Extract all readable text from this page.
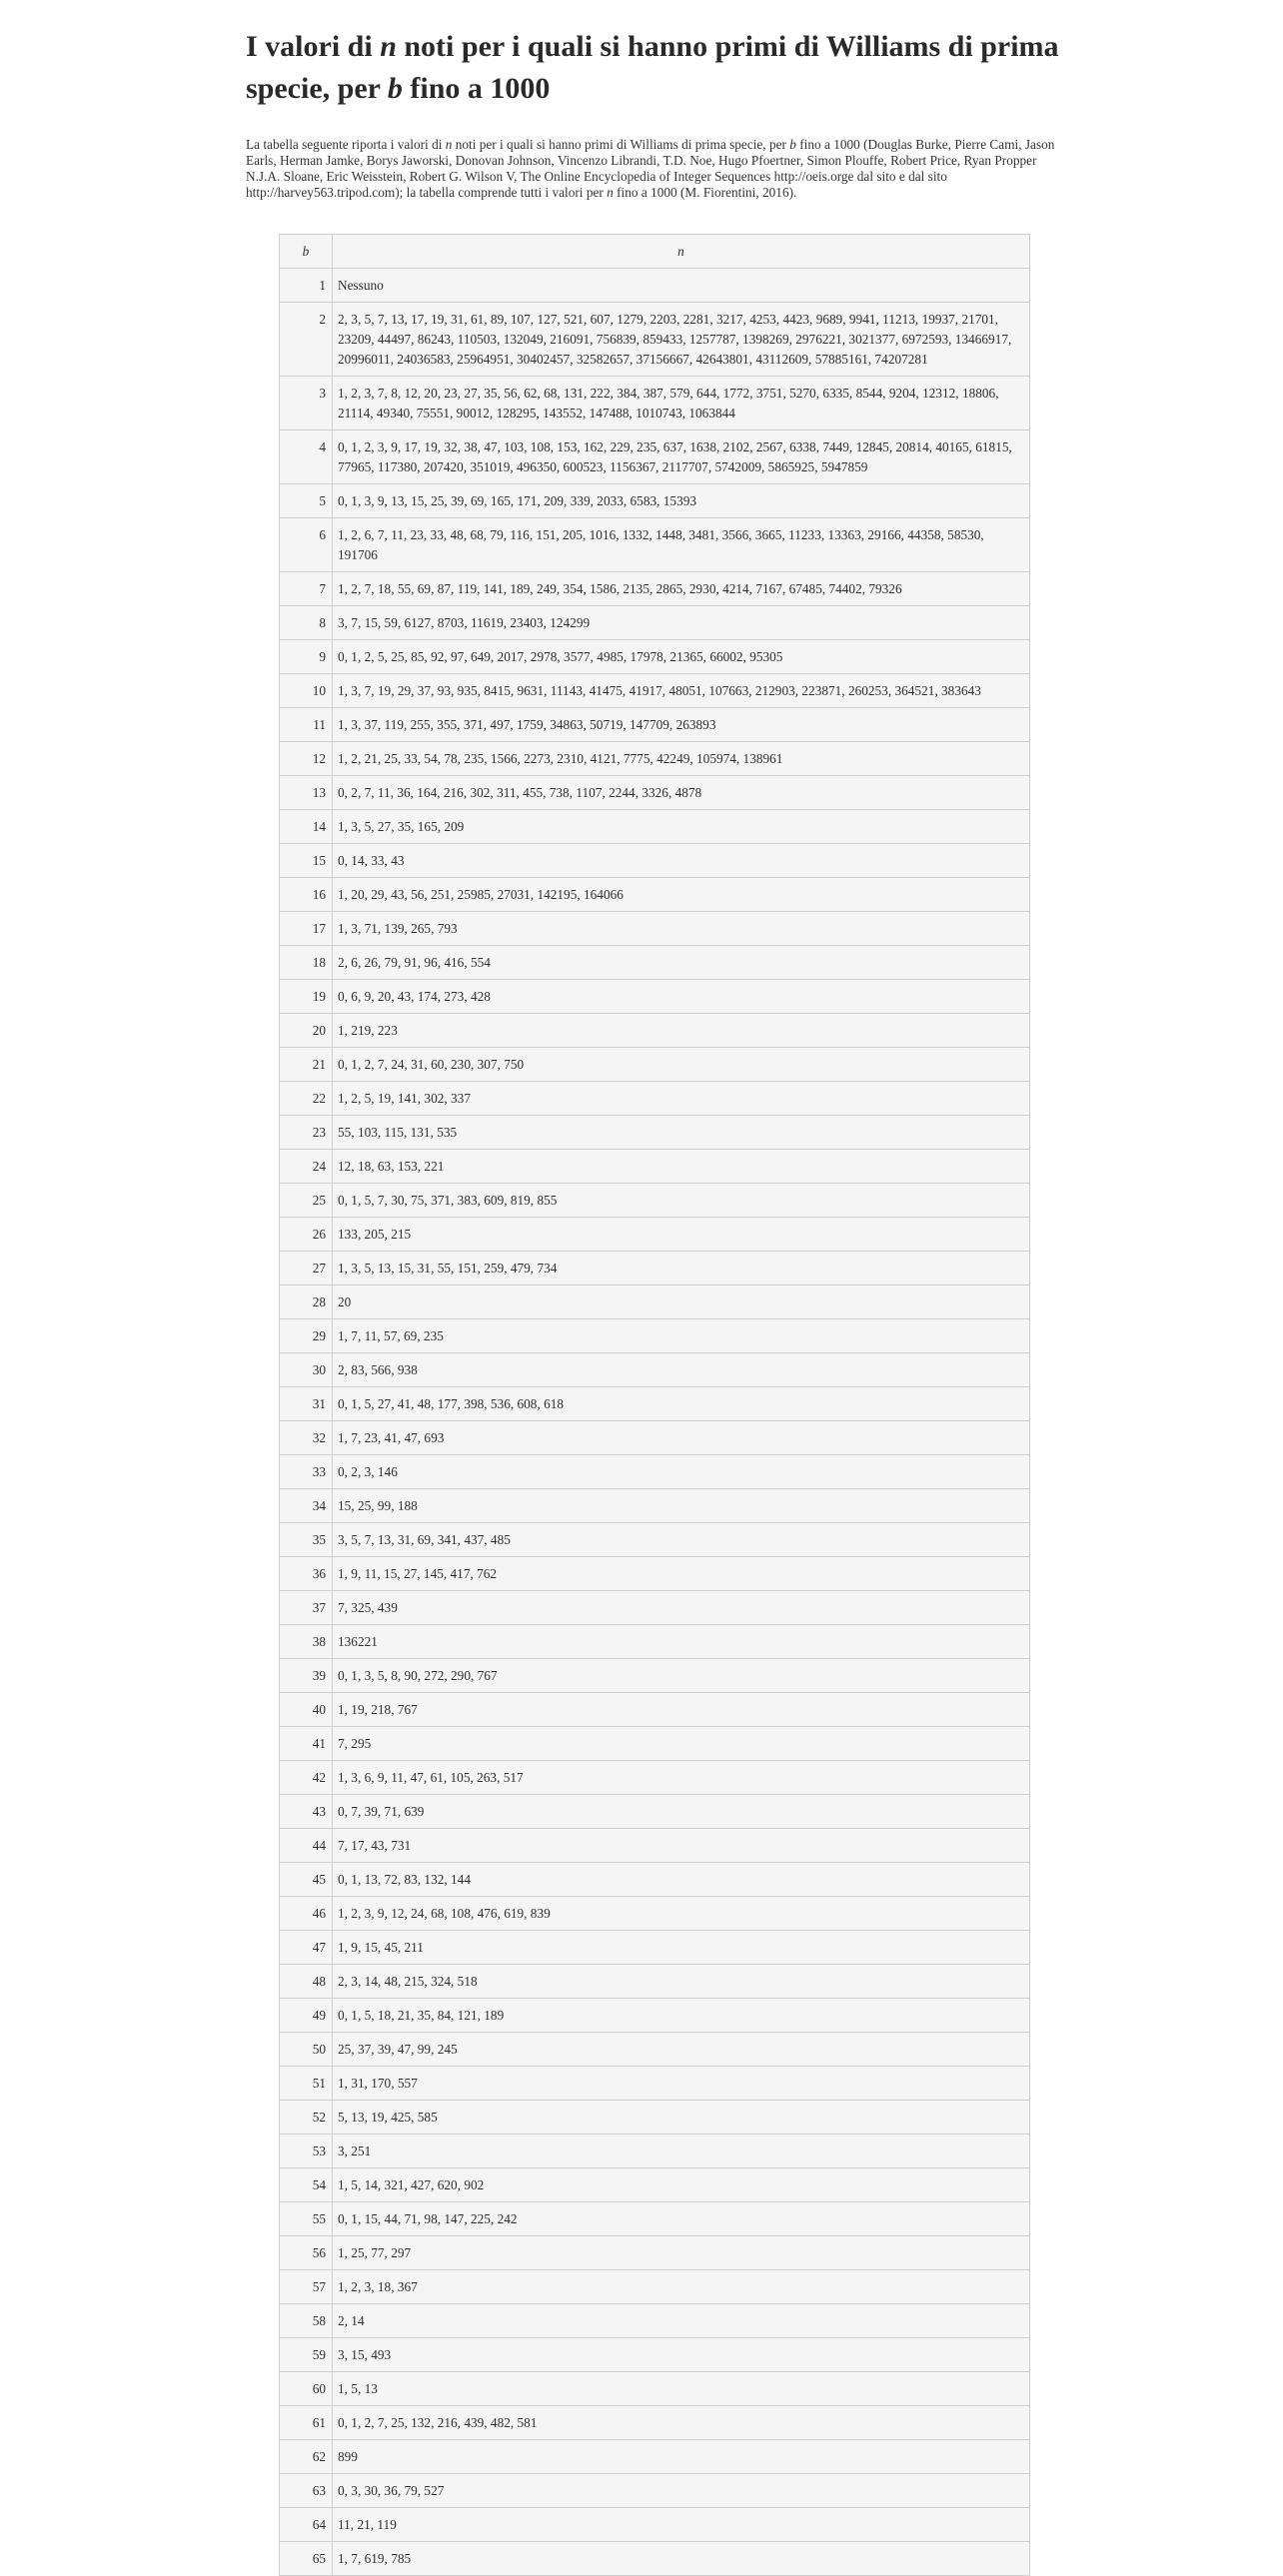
I valori di n noti per i quali si hanno primi di Williams di prima specie, per b fino a 1000

La tabella seguente riporta i valori di n noti per i quali si hanno primi di Williams di prima specie, per b fino a 1000 (Douglas Burke, Pierre Cami, Jason Earls, Herman Jamke, Borys Jaworski, Donovan Johnson, Vincenzo Librandi, T.D. Noe, Hugo Pfoertner, Simon Plouffe, Robert Price, Ryan Propper N.J.A. Sloane, Eric Weisstein, Robert G. Wilson V, The Online Encyclopedia of Integer Sequences http://oeis.orge dal sito e dal sito http://harvey563.tripod.com); la tabella comprende tutti i valori per n fino a 1000 (M. Fiorentini, 2016).

b	n
1	Nessuno
2	2, 3, 5, 7, 13, 17, 19, 31, 61, 89, 107, 127, 521, 607, 1279, 2203, 2281, 3217, 4253, 4423, 9689, 9941, 11213, 19937, 21701, 23209, 44497, 86243, 110503, 132049, 216091, 756839, 859433, 1257787, 1398269, 2976221, 3021377, 6972593, 13466917, 20996011, 24036583, 25964951, 30402457, 32582657, 37156667, 42643801, 43112609, 57885161, 74207281
3	1, 2, 3, 7, 8, 12, 20, 23, 27, 35, 56, 62, 68, 131, 222, 384, 387, 579, 644, 1772, 3751, 5270, 6335, 8544, 9204, 12312, 18806, 21114, 49340, 75551, 90012, 128295, 143552, 147488, 1010743, 1063844
4	0, 1, 2, 3, 9, 17, 19, 32, 38, 47, 103, 108, 153, 162, 229, 235, 637, 1638, 2102, 2567, 6338, 7449, 12845, 20814, 40165, 61815, 77965, 117380, 207420, 351019, 496350, 600523, 1156367, 2117707, 5742009, 5865925, 5947859
5	0, 1, 3, 9, 13, 15, 25, 39, 69, 165, 171, 209, 339, 2033, 6583, 15393
6	1, 2, 6, 7, 11, 23, 33, 48, 68, 79, 116, 151, 205, 1016, 1332, 1448, 3481, 3566, 3665, 11233, 13363, 29166, 44358, 58530, 191706
7	1, 2, 7, 18, 55, 69, 87, 119, 141, 189, 249, 354, 1586, 2135, 2865, 2930, 4214, 7167, 67485, 74402, 79326
8	3, 7, 15, 59, 6127, 8703, 11619, 23403, 124299
9	0, 1, 2, 5, 25, 85, 92, 97, 649, 2017, 2978, 3577, 4985, 17978, 21365, 66002, 95305
10	1, 3, 7, 19, 29, 37, 93, 935, 8415, 9631, 11143, 41475, 41917, 48051, 107663, 212903, 223871, 260253, 364521, 383643
11	1, 3, 37, 119, 255, 355, 371, 497, 1759, 34863, 50719, 147709, 263893
12	1, 2, 21, 25, 33, 54, 78, 235, 1566, 2273, 2310, 4121, 7775, 42249, 105974, 138961
13	0, 2, 7, 11, 36, 164, 216, 302, 311, 455, 738, 1107, 2244, 3326, 4878
14	1, 3, 5, 27, 35, 165, 209
15	0, 14, 33, 43
16	1, 20, 29, 43, 56, 251, 25985, 27031, 142195, 164066
17	1, 3, 71, 139, 265, 793
18	2, 6, 26, 79, 91, 96, 416, 554
19	0, 6, 9, 20, 43, 174, 273, 428
20	1, 219, 223
21	0, 1, 2, 7, 24, 31, 60, 230, 307, 750
22	1, 2, 5, 19, 141, 302, 337
23	55, 103, 115, 131, 535
24	12, 18, 63, 153, 221
25	0, 1, 5, 7, 30, 75, 371, 383, 609, 819, 855
26	133, 205, 215
27	1, 3, 5, 13, 15, 31, 55, 151, 259, 479, 734
28	20
29	1, 7, 11, 57, 69, 235
30	2, 83, 566, 938
31	0, 1, 5, 27, 41, 48, 177, 398, 536, 608, 618
32	1, 7, 23, 41, 47, 693
33	0, 2, 3, 146
34	15, 25, 99, 188
35	3, 5, 7, 13, 31, 69, 341, 437, 485
36	1, 9, 11, 15, 27, 145, 417, 762
37	7, 325, 439
38	136221
39	0, 1, 3, 5, 8, 90, 272, 290, 767
40	1, 19, 218, 767
41	7, 295
42	1, 3, 6, 9, 11, 47, 61, 105, 263, 517
43	0, 7, 39, 71, 639
44	7, 17, 43, 731
45	0, 1, 13, 72, 83, 132, 144
46	1, 2, 3, 9, 12, 24, 68, 108, 476, 619, 839
47	1, 9, 15, 45, 211
48	2, 3, 14, 48, 215, 324, 518
49	0, 1, 5, 18, 21, 35, 84, 121, 189
50	25, 37, 39, 47, 99, 245
51	1, 31, 170, 557
52	5, 13, 19, 425, 585
53	3, 251
54	1, 5, 14, 321, 427, 620, 902
55	0, 1, 15, 44, 71, 98, 147, 225, 242
56	1, 25, 77, 297
57	1, 2, 3, 18, 367
58	2, 14
59	3, 15, 493
60	1, 5, 13
61	0, 1, 2, 7, 25, 132, 216, 439, 482, 581
62	899
63	0, 3, 30, 36, 79, 527
64	11, 21, 119
65	1, 7, 619, 785
